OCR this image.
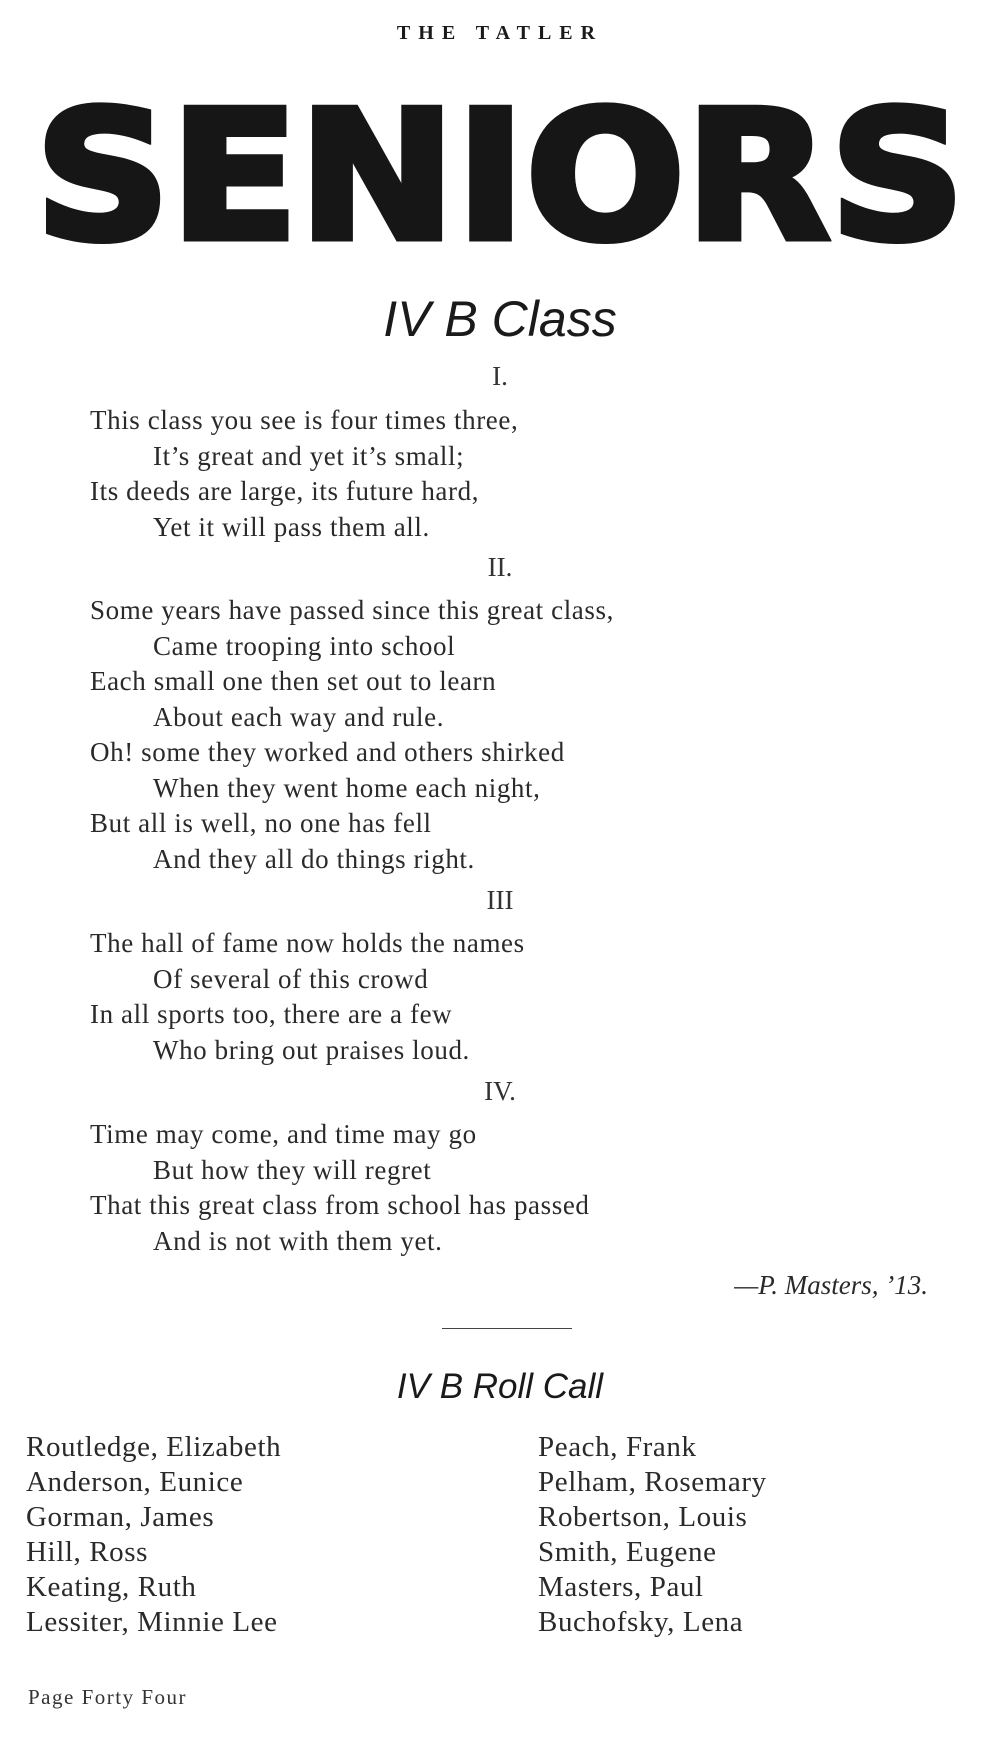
THE TATLER
SENIORS
IV B Class
I.
This class you see is four times three,
It’s great and yet it’s small;
Its deeds are large, its future hard,
Yet it will pass them all.
II.
Some years have passed since this great class,
Came trooping into school
Each small one then set out to learn
About each way and rule.
Oh! some they worked and others shirked
When they went home each night,
But all is well, no one has fell
And they all do things right.
III
The hall of fame now holds the names
Of several of this crowd
In all sports too, there are a few
Who bring out praises loud.
IV.
Time may come, and time may go
But how they will regret
That this great class from school has passed
And is not with them yet.
—P. Masters, ’13.
IV B Roll Call
Routledge, Elizabeth
Anderson, Eunice
Gorman, James
Hill, Ross
Keating, Ruth
Lessiter, Minnie Lee
Peach, Frank
Pelham, Rosemary
Robertson, Louis
Smith, Eugene
Masters, Paul
Buchofsky, Lena
Page Forty Four
